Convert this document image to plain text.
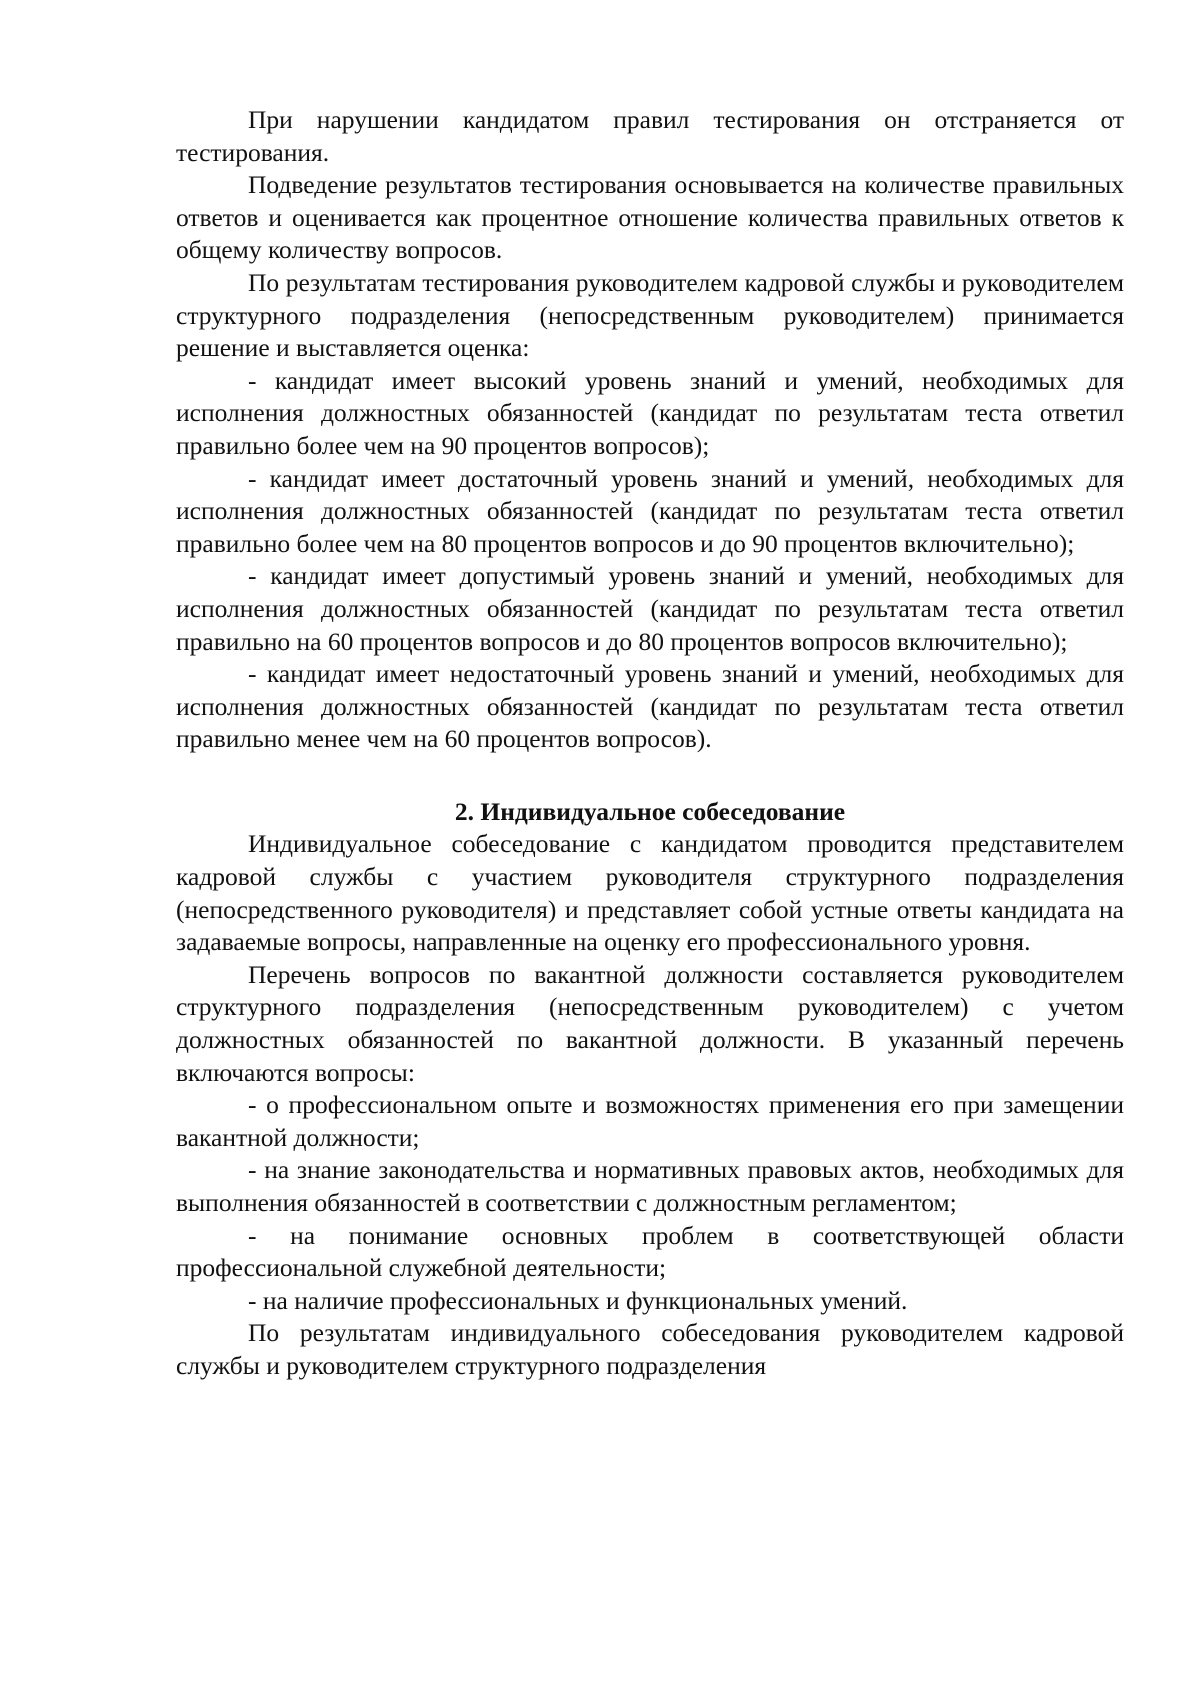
При нарушении кандидатом правил тестирования он отстраняется от тестирования.

Подведение результатов тестирования основывается на количестве правильных ответов и оценивается как процентное отношение количества правильных ответов к общему количеству вопросов.

По результатам тестирования руководителем кадровой службы и руководителем структурного подразделения (непосредственным руководителем) принимается решение и выставляется оценка:

- кандидат имеет высокий уровень знаний и умений, необходимых для исполнения должностных обязанностей (кандидат по результатам теста ответил правильно более чем на 90 процентов вопросов);

- кандидат имеет достаточный уровень знаний и умений, необходимых для исполнения должностных обязанностей (кандидат по результатам теста ответил правильно более чем на 80 процентов вопросов и до 90 процентов включительно);

- кандидат имеет допустимый уровень знаний и умений, необходимых для исполнения должностных обязанностей (кандидат по результатам теста ответил правильно на 60 процентов вопросов и до 80 процентов вопросов включительно);

- кандидат имеет недостаточный уровень знаний и умений, необходимых для исполнения должностных обязанностей (кандидат по результатам теста ответил правильно менее чем на 60 процентов вопросов).

2. Индивидуальное собеседование

Индивидуальное собеседование с кандидатом проводится представителем кадровой службы с участием руководителя структурного подразделения (непосредственного руководителя) и представляет собой устные ответы кандидата на задаваемые вопросы, направленные на оценку его профессионального уровня.

Перечень вопросов по вакантной должности составляется руководителем структурного подразделения (непосредственным руководителем) с учетом должностных обязанностей по вакантной должности. В указанный перечень включаются вопросы:

- о профессиональном опыте и возможностях применения его при замещении вакантной должности;

- на знание законодательства и нормативных правовых актов, необходимых для выполнения обязанностей в соответствии с должностным регламентом;

- на понимание основных проблем в соответствующей области профессиональной служебной деятельности;

- на наличие профессиональных и функциональных умений.

По результатам индивидуального собеседования руководителем кадровой службы и руководителем структурного подразделения
